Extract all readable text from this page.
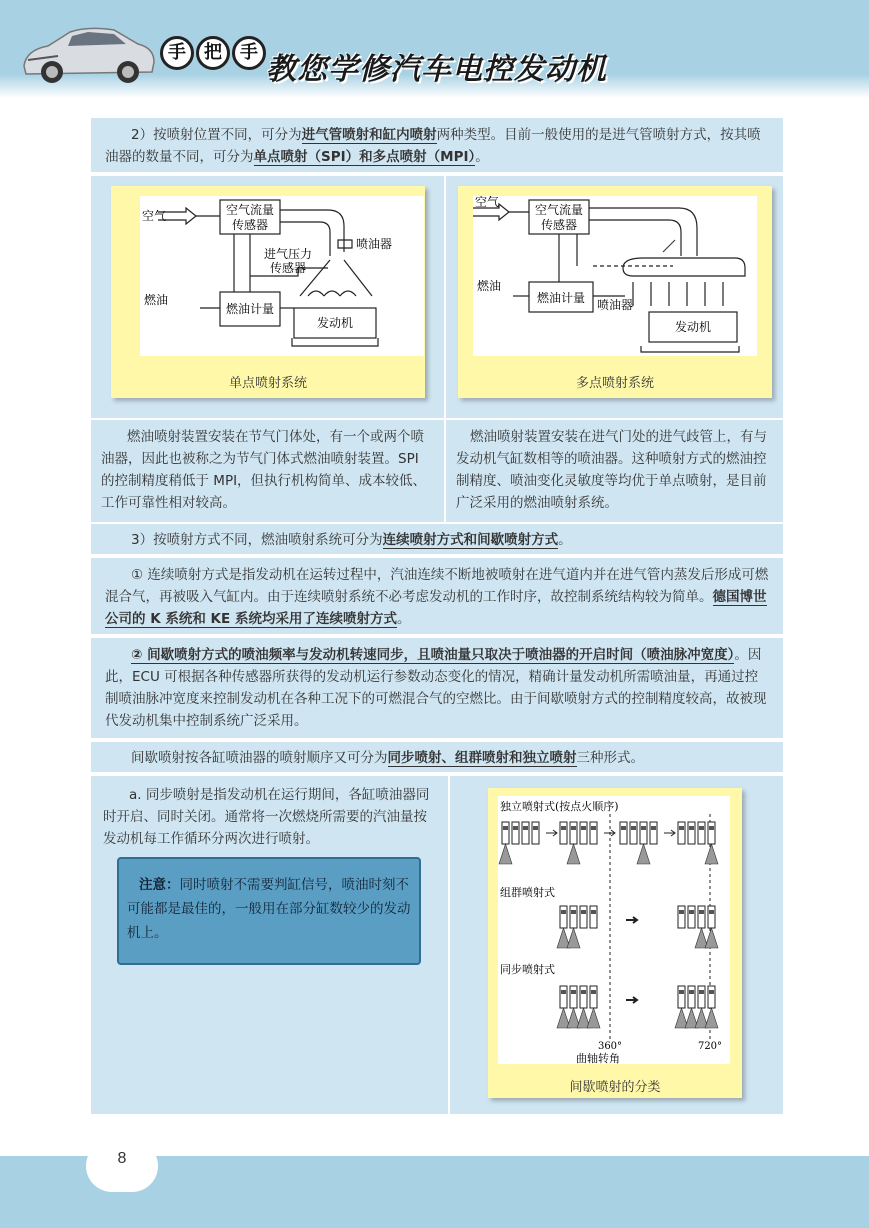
手	把	手 教您学修汽车电控发动机

2）按喷射位置不同，可分为进气管喷射和缸内喷射两种类型。目前一般使用的是进气管喷射方式，按其喷油器的数量不同，可分为单点喷射（SPI）和多点喷射（MPI）。

空气流量
传感器
空气
喷油器
进气压力
传感器
燃油
燃油计量
发动机
单点喷射系统
空气流量
传感器
空气
燃油
燃油计量 喷油器
发动机
多点喷射系统

燃油喷射装置安装在节气门体处，有一个或两个喷油器，因此也被称之为节气门体式燃油喷射装置。SPI 的控制精度稍低于 MPI，但执行机构简单、成本较低、工作可靠性相对较高。

燃油喷射装置安装在进气门处的进气歧管上，有与发动机气缸数相等的喷油器。这种喷射方式的燃油控制精度、喷油变化灵敏度等均优于单点喷射，是目前广泛采用的燃油喷射系统。

3）按喷射方式不同，燃油喷射系统可分为连续喷射方式和间歇喷射方式。

① 连续喷射方式是指发动机在运转过程中，汽油连续不断地被喷射在进气道内并在进气管内蒸发后形成可燃混合气，再被吸入气缸内。由于连续喷射系统不必考虑发动机的工作时序，故控制系统结构较为简单。德国博世公司的 K 系统和 KE 系统均采用了连续喷射方式。

② 间歇喷射方式的喷油频率与发动机转速同步，且喷油量只取决于喷油器的开启时间（喷油脉冲宽度）。因此，ECU 可根据各种传感器所获得的发动机运行参数动态变化的情况，精确计量发动机所需喷油量，再通过控制喷油脉冲宽度来控制发动机在各种工况下的可燃混合气的空燃比。由于间歇喷射方式的控制精度较高，故被现代发动机集中控制系统广泛采用。

间歇喷射按各缸喷油器的喷射顺序又可分为同步喷射、组群喷射和独立喷射三种形式。

a. 同步喷射是指发动机在运行期间，各缸喷油器同时开启、同时关闭。通常将一次燃烧所需要的汽油量按发动机每工作循环分两次进行喷射。

注意：同时喷射不需要判缸信号，喷油时刻不可能都是最佳的，一般用在部分缸数较少的发动机上。
独立喷射式(按点火顺序)
组群喷射式
同步喷射式
360°	720°
曲轴转角
间歇喷射的分类
8
